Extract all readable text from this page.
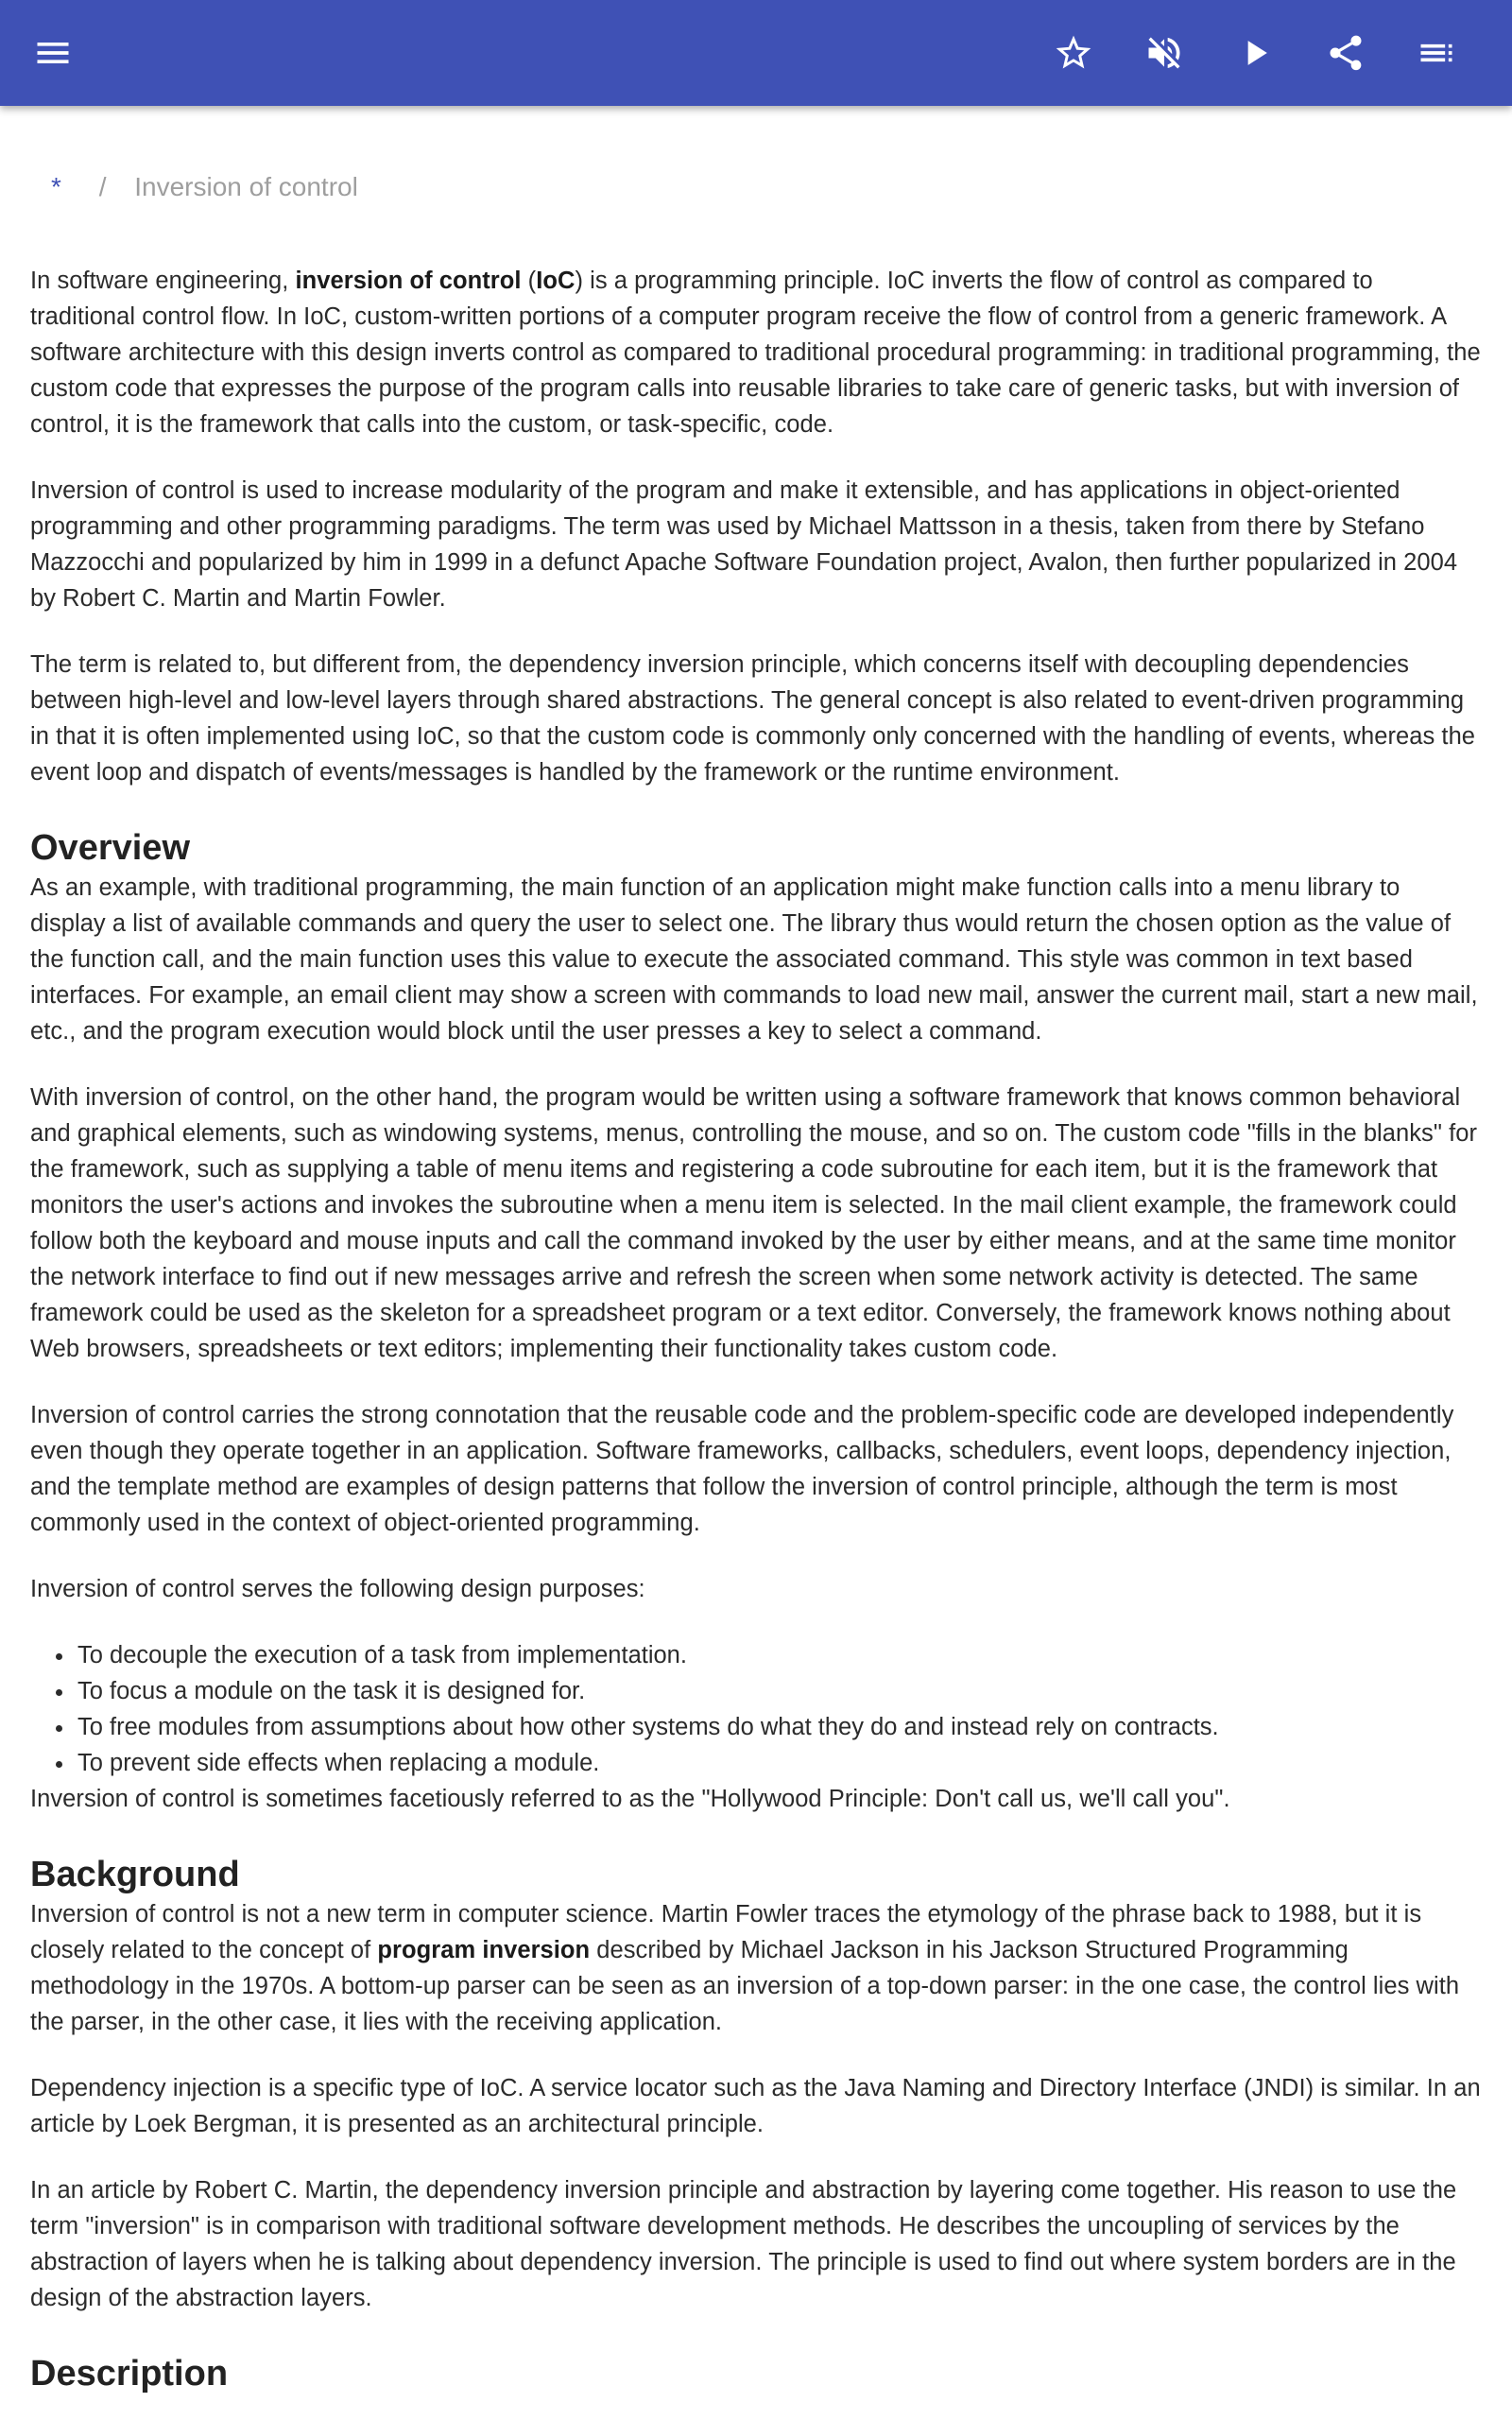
* / Inversion of control

In software engineering, inversion of control (IoC) is a programming principle. IoC inverts the flow of control as compared to traditional control flow. In IoC, custom-written portions of a computer program receive the flow of control from a generic framework. A software architecture with this design inverts control as compared to traditional procedural programming: in traditional programming, the custom code that expresses the purpose of the program calls into reusable libraries to take care of generic tasks, but with inversion of control, it is the framework that calls into the custom, or task-specific, code.

Inversion of control is used to increase modularity of the program and make it extensible, and has applications in object-oriented programming and other programming paradigms. The term was used by Michael Mattsson in a thesis, taken from there by Stefano Mazzocchi and popularized by him in 1999 in a defunct Apache Software Foundation project, Avalon, then further popularized in 2004 by Robert C. Martin and Martin Fowler.

The term is related to, but different from, the dependency inversion principle, which concerns itself with decoupling dependencies between high-level and low-level layers through shared abstractions. The general concept is also related to event-driven programming in that it is often implemented using IoC, so that the custom code is commonly only concerned with the handling of events, whereas the event loop and dispatch of events/messages is handled by the framework or the runtime environment.

Overview

As an example, with traditional programming, the main function of an application might make function calls into a menu library to display a list of available commands and query the user to select one. The library thus would return the chosen option as the value of the function call, and the main function uses this value to execute the associated command. This style was common in text based interfaces. For example, an email client may show a screen with commands to load new mail, answer the current mail, start a new mail, etc., and the program execution would block until the user presses a key to select a command.

With inversion of control, on the other hand, the program would be written using a software framework that knows common behavioral and graphical elements, such as windowing systems, menus, controlling the mouse, and so on. The custom code "fills in the blanks" for the framework, such as supplying a table of menu items and registering a code subroutine for each item, but it is the framework that monitors the user's actions and invokes the subroutine when a menu item is selected. In the mail client example, the framework could follow both the keyboard and mouse inputs and call the command invoked by the user by either means, and at the same time monitor the network interface to find out if new messages arrive and refresh the screen when some network activity is detected. The same framework could be used as the skeleton for a spreadsheet program or a text editor. Conversely, the framework knows nothing about Web browsers, spreadsheets or text editors; implementing their functionality takes custom code.

Inversion of control carries the strong connotation that the reusable code and the problem-specific code are developed independently even though they operate together in an application. Software frameworks, callbacks, schedulers, event loops, dependency injection, and the template method are examples of design patterns that follow the inversion of control principle, although the term is most commonly used in the context of object-oriented programming.

Inversion of control serves the following design purposes:

• To decouple the execution of a task from implementation.
• To focus a module on the task it is designed for.
• To free modules from assumptions about how other systems do what they do and instead rely on contracts.
• To prevent side effects when replacing a module.

Inversion of control is sometimes facetiously referred to as the "Hollywood Principle: Don't call us, we'll call you".

Background

Inversion of control is not a new term in computer science. Martin Fowler traces the etymology of the phrase back to 1988, but it is closely related to the concept of program inversion described by Michael Jackson in his Jackson Structured Programming methodology in the 1970s. A bottom-up parser can be seen as an inversion of a top-down parser: in the one case, the control lies with the parser, in the other case, it lies with the receiving application.

Dependency injection is a specific type of IoC. A service locator such as the Java Naming and Directory Interface (JNDI) is similar. In an article by Loek Bergman, it is presented as an architectural principle.

In an article by Robert C. Martin, the dependency inversion principle and abstraction by layering come together. His reason to use the term "inversion" is in comparison with traditional software development methods. He describes the uncoupling of services by the abstraction of layers when he is talking about dependency inversion. The principle is used to find out where system borders are in the design of the abstraction layers.

Description
